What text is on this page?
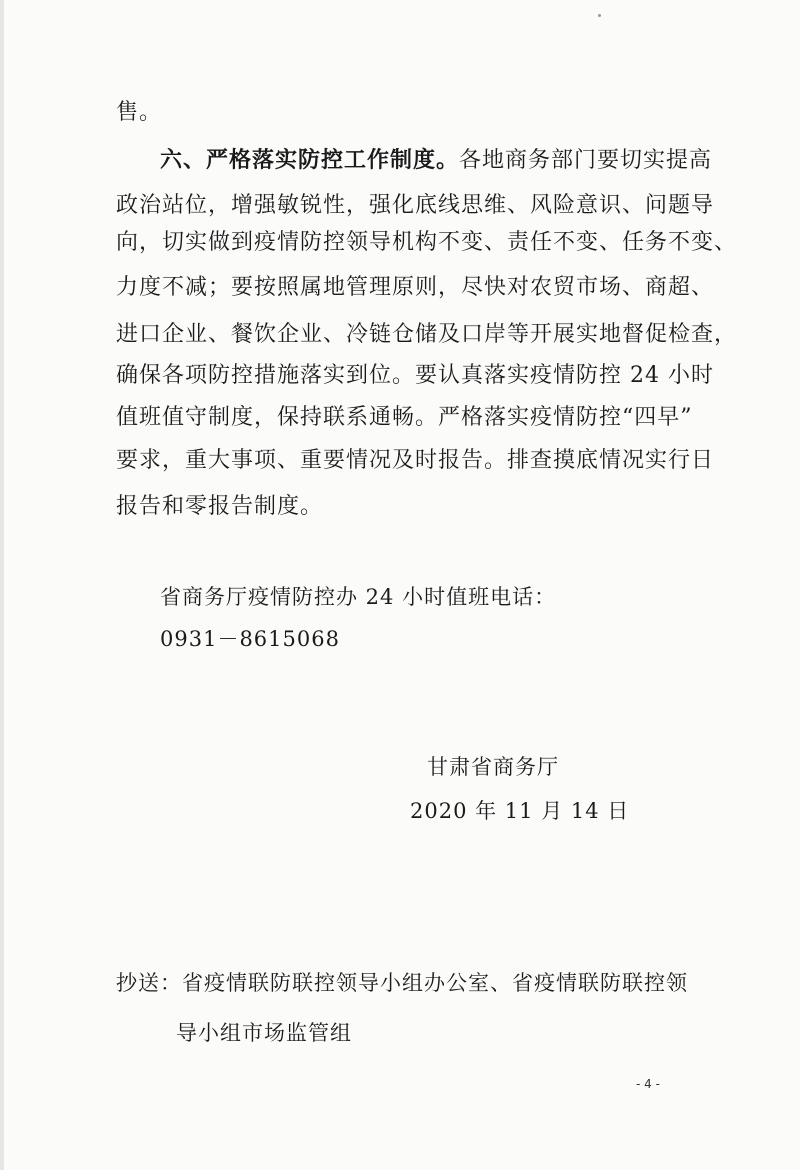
售。
六、严格落实防控工作制度。各地商务部门要切实提高
政治站位，增强敏锐性，强化底线思维、风险意识、问题导
向，切实做到疫情防控领导机构不变、责任不变、任务不变、
力度不减；要按照属地管理原则，尽快对农贸市场、商超、
进口企业、餐饮企业、冷链仓储及口岸等开展实地督促检查，
确保各项防控措施落实到位。要认真落实疫情防控 24 小时
值班值守制度，保持联系通畅。严格落实疫情防控“四早”
要求，重大事项、重要情况及时报告。排查摸底情况实行日
报告和零报告制度。
省商务厅疫情防控办 24 小时值班电话：
0931－8615068
甘肃省商务厅
2020 年 11 月 14 日
抄送：省疫情联防联控领导小组办公室、省疫情联防联控领
导小组市场监管组
- 4 -
